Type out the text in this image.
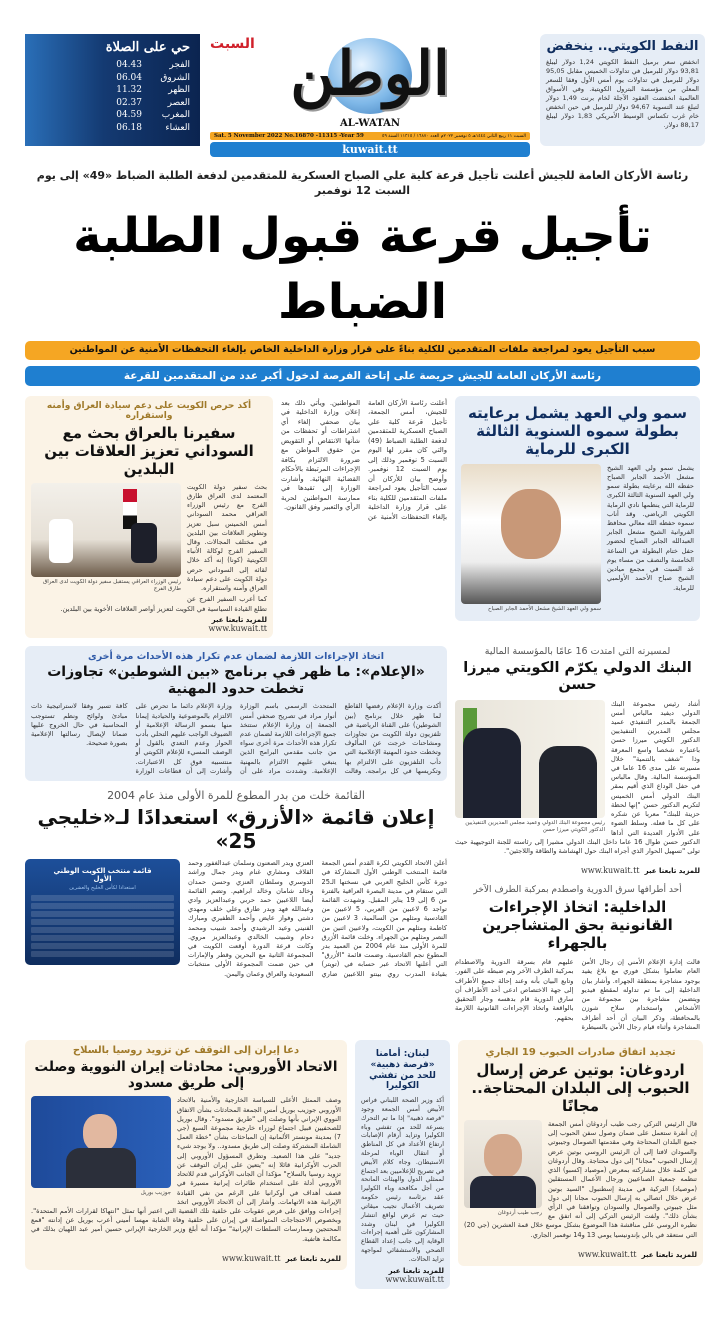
حي على الصلاة
الفجر
04.43
الشروق
06.04
الظهر
11.32
العصر
02.37
المغرب
04.59
العشاء
06.18
السبت الوطن
AL-WATAN
Sat. 5 November 2022 No.16870 -11315 -Year 59	السبت ١١ ربيع الثاني ١٤٤٤هـ ٥ نوفمبر ٢٠٢٢م العدد ١٦٨٧٠ / ١١٣١٥ السنة ٥٩
kuwait.tt
النفط الكويتي.. ينخفض
انخفض سعر برميل النفط الكويتي 1,24 دولار ليبلغ 93,81 دولار للبرميل في تداولات الخميس مقابل 95,05 دولار للبرميل في تداولات يوم أمس الأول وفقا للسعر المعلن من مؤسسة البترول الكويتية. وفي الأسواق العالمية انخفضت العقود الآجلة لخام برنت 1,49 دولار لتبلغ عند التسوية 94,67 دولار للبرميل في حين انخفض خام غرب تكساس الوسيط الأمريكي 1,83 دولار ليبلغ 88,17 دولار.
رئاسة الأركان العامة للجيش أعلنت تأجيل قرعة كلية علي الصباح العسكرية للمتقدمين لدفعة الطلبة الضباط «49» إلى يوم السبت 12 نوفمبر
تأجيل قرعة قبول الطلبة الضباط
سبب التأجيل يعود لمراجعة ملفات المتقدمين للكلية بناءً على قرار وزارة الداخلية الخاص بإلغاء التحفظات الأمنية عن المواطنين
رئاسة الأركان العامة للجيش حريصة على إتاحة الفرصة لدخول أكبر عدد من المتقدمين للقرعة
أكد حرص الكويت على دعم سيادة العراق وأمنه واستقراره
سفيرنا بالعراق بحث مع السوداني تعزيز العلاقات بين البلدين
رئيس الوزراء العراقي يستقبل سفير دولة الكويت لدى العراق طارق الفرج
بحث سفير دولة الكويت المعتمد لدى العراق طارق الفرج مع رئيس الوزراء العراقي محمد السوداني أمس الخميس سبل تعزيز وتطوير العلاقات بين البلدين في مختلف المجالات. وقال السفير الفرج لوكالة الأنباء الكويتية (كونا) إنه أكد خلال لقائه إلى السوداني حرص دولة الكويت على دعم سيادة العراق وأمنه واستقراره.
كما أعرب السفير الفرج عن تطلع القيادة السياسية في الكويت لتعزيز أواصر العلاقات الأخوية بين البلدين.
للمزيد تابعنا عبر
www.kuwait.tt
أعلنت رئاسة الأركان العامة للجيش، أمس الجمعة، تأجيل قرعة كلية علي الصباح العسكرية للمتقدمين لدفعة الطلبة الضباط (49) والتي كان مقرر لها اليوم السبت 5 نوفمبر وذلك إلى يوم السبت 12 نوفمبر. وأوضح بيان للأركان أن سبب التأجيل يعود لمراجعة ملفات المتقدمين للكلية بناء على قرار وزارة الداخلية بإلغاء التحفظات الأمنية عن المواطنين. ويأتي ذلك بعد إعلان وزارة الداخلية في بيان صحفي إلغاء أي اشتراطات أو تحفظات من شأنها الانتقاص أو التقويض من حقوق المواطن مع ضرورة الالتزام بكافة الإجراءات المرتبطة بالأحكام القضائية النهائية. وأشارت الوزارة إلى تقيدها في ممارسة المواطنين لحرية الرأي والتعبير وفق القانون.
سمو ولي العهد يشمل برعايته بطولة سموه السنوية الثالثة الكبرى للرماية
سمو ولي العهد الشيخ مشعل الأحمد الجابر الصباح
يشمل سمو ولي العهد الشيخ مشعل الأحمد الجابر الصباح حفظه الله برعايته بطولة سمو ولي العهد السنوية الثالثة الكبرى للرماية التي ينظمها نادي الرماية الكويتي الرياضي. وقد أناب سموه حفظه الله معالي محافظ الفروانية الشيخ مشعل الجابر العبدالله الجابر الصباح لحضور حفل ختام البطولة في الساعة الخامسة والنصف من مساء يوم غد السبت في مجمع ميادين الشيخ صباح الأحمد الأولمبي للرماية.
اتخاذ الإجراءات اللازمة لضمان عدم تكرار هذه الأحداث مرة أخرى
«الإعلام»: ما ظهر في برنامج «بين الشوطين» تجاوزات تخطت حدود المهنية
أكدت وزارة الإعلام رفضها القاطع لما ظهر خلال برنامج (بين الشوطين) على القناة الرياضية في تلفزيون دولة الكويت من تجاوزات ومشاحنات خرجت عن المألوف وتخطت حدود المهنية الإعلامية التي دأب التلفزيون على الالتزام بها وتكريسها في كل برامجه. وقالت المتحدث الرسمي باسم الوزارة أنوار مراد في تصريح صحفي أمس الجمعة إن وزارة الإعلام ستتخذ جميع الإجراءات اللازمة لضمان عدم تكرار هذه الأحداث مرة أخرى سواء من جانب مقدمي البرامج الذين ينبغي عليهم الالتزام بالمهنية الإعلامية. وشددت مراد على أن وزارة الإعلام دائما ما تحرص على الالتزام بالموضوعية والحيادية إيمانا منها بسمو الرسالة الإعلامية أو الضيوف الواجب عليهم التحلي بأدب الحوار وعدم التعدي بالقول أو الوصف المسيء للإعلام الكويتي أو منتسبيه فوق كل الاعتبارات. وأشارت إلى أن قطاعات الوزارة كافة تسير وفقا لاستراتيجية ذات مبادئ ولوائح ونظم تستوجب المحاسبة في حال الخروج عليها ضمانا لإيصال رسالتها الإعلامية بصورة صحيحة.
القائمة خلت من بدر المطوع للمرة الأولى منذ عام 2004
إعلان قائمة «الأزرق» استعدادًا لـ«خليجي 25»
قائمة منتخب الكويت الوطني الأول
استعدادا لكأس الخليج والعشرين
أعلن الاتحاد الكويتي لكرة القدم أمس الجمعة قائمة المنتخب الوطني الأول المشاركة في دورة كأس الخليج العربي في نسختها الـ25 التي ستقام في مدينة البصرة العراقية بالفترة من 6 إلى 19 يناير المقبل. وشهدت القائمة تواجد 6 لاعبين من العربي، 5 لاعبين من القادسية ومثلهم من السالمية، 3 لاعبين من كاظمة ومثلهم من الكويت، ولاعبين اثنين من النصر ومثلهم من الجهراء. وخلت قائمة الأزرق للمرة الأولى منذ عام 2004 من العميد بدر المطوع نجم القادسية. وضمت قائمة "الأزرق" التي أعلنها الاتحاد عبر حسابه في (تويتر) بقيادة المدرب روي بينتو اللاعبين ضاري العنزي وبدر الصعنون وسلمان عبدالغفور وحمد القلاف ومشاري غنام وبدر جمال وراشد الدوسري وسلطان العنزي وحسن حمدان وخالد شامان وخالد ابراهيم. وتضم القائمة أيضا اللاعبين حمد حربي وعبدالعزيز وادي وعبدالله فهد وبدر طارق وعلي خلف ومهدي دشتي وفواز عايض وأحمد الظفيري ومبارك الفنيني وعيد الرشيدي وأحمد شبيب ومحمد دحام وشبيب الخالدي وعبدالعزيز مروي. وكانت قرعة الدورة أوقعت الكويت في المجموعة الثانية مع البحرين وقطر والإمارات في حين ضمت المجموعة الأولى منتخبات السعودية والعراق وعمان واليمن.
لمسيرته التي امتدت 16 عامًا بالمؤسسة المالية
البنك الدولي يكرّم الكويتي ميرزا حسن
رئيس مجموعة البنك الدولي وعميد مجلس المديرين التنفيذيين الدكتور الكويتي ميرزا حسن
أشاد رئيس مجموعة البنك الدولي ديفيد مالباس أمس الجمعة بالمدير التنفيذي عميد مجلس المديرين التنفيذيين الدكتور الكويتي ميرزا حسن باعتباره شخصا واسع المعرفة وذا "شغف بالتنمية" خلال مسيرته على مدى 16 عاما في المؤسسة المالية. وقال مالباس في حفل الوداع الذي أقيم بمقر البنك الدولي أمس الخميس لتكريم الدكتور حسن "إنها لحظة حزينة للبنك" معربا عن شكره على كل ما فعله. وسلط الضوء على الأدوار العديدة التي أداها الدكتور حسن طوال 16 عاما داخل البنك الدولي مشيرا إلى رئاسته للجنة التوجيهية حيث تولى "تسهيل الحوار الذي أجراه البنك حول الهشاشة والطاقة واللاجئين".
للمزيد تابعنا عبر www.kuwait.tt
أحد أطرافها سرق الدورية واصطدم بمركبة الطرف الآخر
الداخلية: اتخاذ الإجراءات القانونية بحق المتشاجرين بالجهراء
قالت إدارة الإعلام الأمني إن رجال الأمن العام تعاملوا بشكل فوري مع بلاغ يفيد بوجود مشاجرة بمنطقة الجهراء. وأشار بيان الداخلية إلى ما تم تداوله لمقطع فيديو ويتضمن مشاجرة بين مجموعة من الأشخاص واستخدام سلاح شوزن بالمحافظة، وذكر البيان أن أحد أطراف المشاجرة وأثناء قيام رجال الأمن بالسيطرة عليهم قام بسرقة الدورية والاصطدام بمركبة الطرف الآخر وتم ضبطه على الفور. وتابع البيان بأنه وعند إحالة جميع الأطراف إلى جهة الاختصاص ادعى أحد الأطراف أن سارق الدورية قام بدهسه وجار التحقيق بالواقعة واتخاذ الإجراءات القانونية اللازمة بحقهم.
دعا إيران إلى التوقف عن تزويد روسيا بالسلاح
الاتحاد الأوروبي: محادثات إيران النووية وصلت إلى طريق مسدود
جوزيب بوريل
وصف الممثل الأعلى للسياسة الخارجية والأمنية بالاتحاد الأوروبي جوزيب بوريل أمس الجمعة المحادثات بشأن الاتفاق النووي الإيراني بأنها وصلت إلى "طريق مسدود". وقال بوريل للصحفيين قبيل اجتماع لوزراء خارجية مجموعة السبع (جي 7) بمدينة مونستر الألمانية إن المباحثات بشأن "خطة العمل الشاملة المشتركة وصلت إلى طريق مسدود.. ولا يوجد شيء جديد" على هذا الصعيد. وتطرق المسؤول الأوروبي إلى الحرب الأوكرانية قائلا إنه "يتعين على إيران التوقف عن تزويد روسيا بالسلاح" مؤكدا أن الجانب الأوكراني قدم للاتحاد الأوروبي أدلة على استخدام طائرات إيرانية مسيرة في قصف أهداف في أوكرانيا على الرغم من نفي القيادة الإيرانية هذه الاتهامات. وأشار إلى أن الاتحاد الأوروبي اتخذ إجراءات ووافق على فرض عقوبات على خلفية تلك القضية التي اعتبر أنها تمثل "انتهاكا لقرارات الأمم المتحدة". وبخصوص الاحتجاجات المتواصلة في إيران على خلفية وفاة الشابة مهسا أميني أعرب بوريل عن إدانته "قمع المحتجين وممارسات السلطات الإيرانية" مؤكدا أنه أبلغ وزير الخارجية الإيراني حسين أمير عبد اللهيان بذلك في مكالمة هاتفية.
للمزيد تابعنا عبر www.kuwait.tt
لبنان: أمامنا «فرصة ذهبية» للحد من تفشي الكوليرا
أكد وزير الصحة اللبناني فراس الأبيض أمس الجمعة وجود "فرصة ذهبية" إذا ما تم التحرك بسرعة للحد من تفشي وباء الكوليرا وتزايد أرقام الإصابات ارتفاع الأعداد في كل المناطق أو انتقال الوباء لمرحلة الاستيطان. وجاء كلام الأبيض في تصريح للإعلاميين بعد اجتماع لممثلي الدول والهيئات المانحة من أجل مكافحة وباء الكوليرا عقد برئاسة رئيس حكومة تصريف الأعمال نجيب ميقاتي حيث تم عرض لواقع انتشار الكوليرا في لبنان وشدد المشاركون على أهمية إجراءات الوقاية إلى جانب إعداد القطاع الصحي والاستشفائي لمواجهة تزايد الحالات.
للمزيد تابعنا عبر
www.kuwait.tt
تجديد اتفاق صادرات الحبوب 19 الجاري
اردوغان: بوتين عرض إرسال الحبوب إلى البلدان المحتاجة.. مجانًا
رجب طيب أردوغان
قال الرئيس التركي رجب طيب أردوغان أمس الجمعة إن أنقرة ستعمل على ضمان وصول سفن الحبوب إلى جميع البلدان المحتاجة وفي مقدمتها الصومال وجيبوتي والسودان لافتا إلى أن الرئيس الروسي بوتين عرض إرسال الحبوب "مجانا" إلى دول محتاجة. وقال أردوغان في كلمة خلال مشاركته بمعرض (موصياد إكسبو) الذي تنظمه جمعية الصناعيين ورجال الأعمال المستقلين (موصياد) التركية في مدينة إسطنبول "السيد بوتين عرض خلال اتصالي به إرسال الحبوب مجانا إلى دول مثل جيبوتي والصومال والسودان وتوافقنا في الرأي بشأن ذلك". ولفت الرئيس التركي إلى أنه اتفق مع نظيره الروسي على مناقشة هذا الموضوع بشكل موسع خلال قمة العشرين (جي 20) التي ستعقد في بالي بإندونيسيا يومي 13 و14 نوفمبر الجاري.
للمزيد تابعنا عبر www.kuwait.tt
